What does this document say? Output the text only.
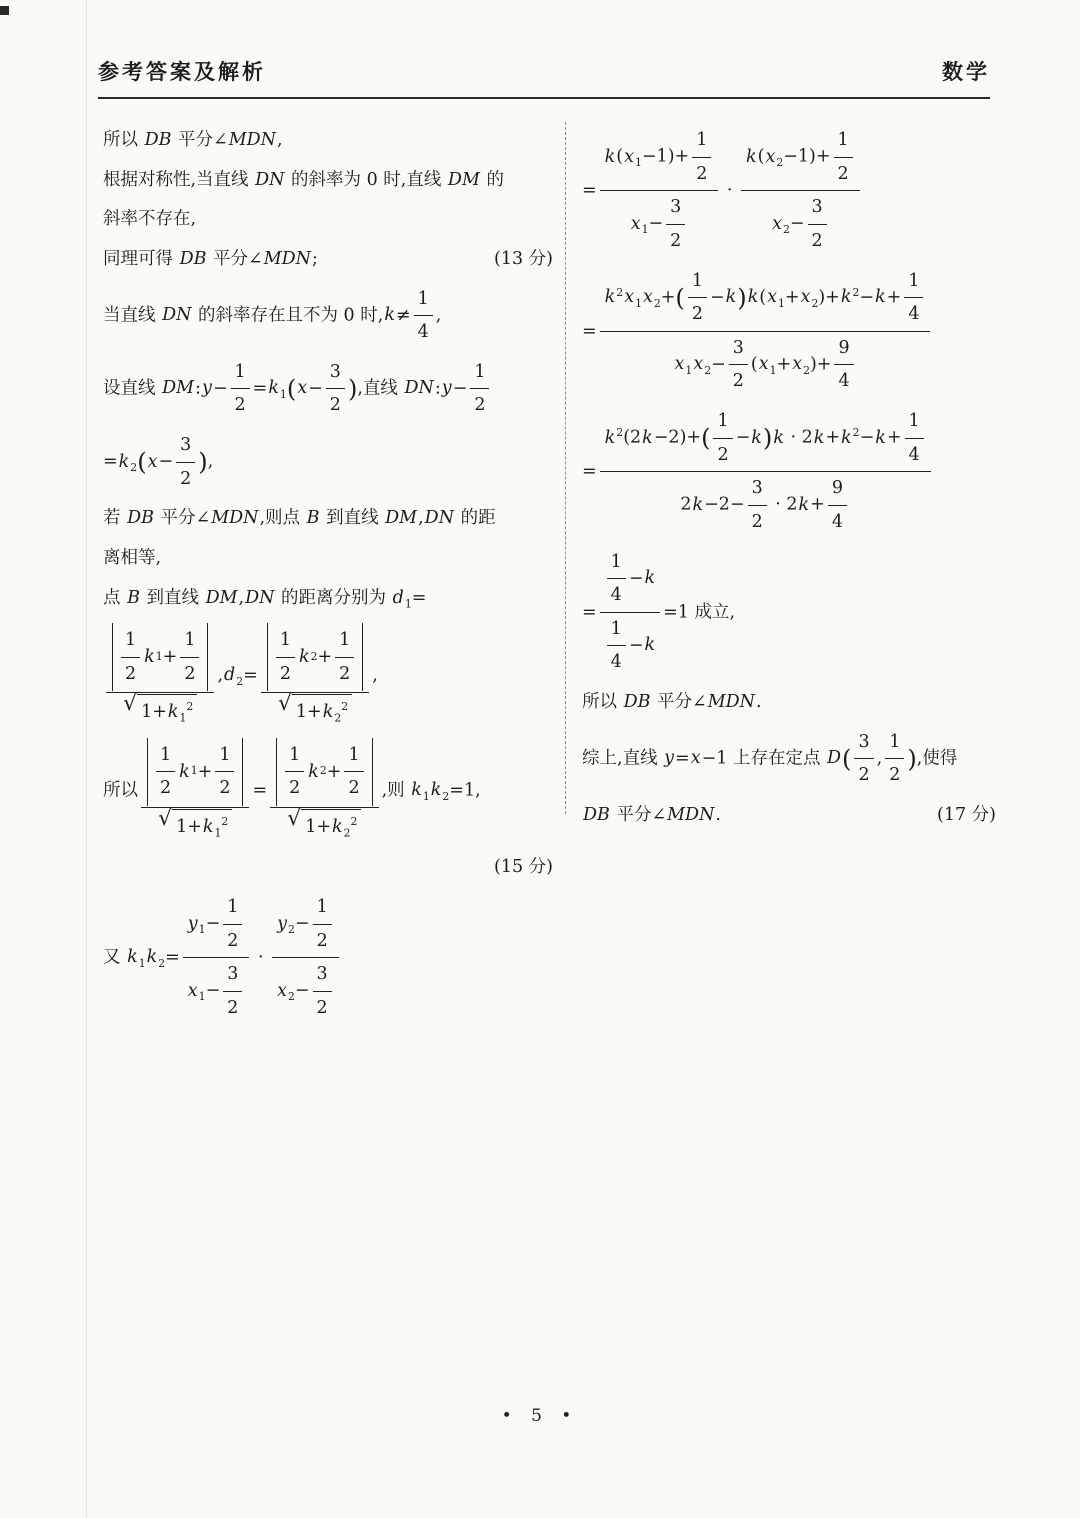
参考答案及解析	数学
所以 DB 平分∠MDN,
根据对称性,当直线 DN 的斜率为 0 时,直线 DM 的
斜率不存在,
同理可得 DB 平分∠MDN;	(13 分)
当直线 DN 的斜率存在且不为 0 时$,k\ne \frac{1}{4}$ ,
设直线 DM:y− $\frac{1}{2} =k_1(x- \frac{3}{2}$ ),直线 DN:y− $\frac{1}{2}$
$=k_2(x- \frac{3}{2}$ ),
若 DB 平分∠MDN,则点 B 到直线 DM,DN 的距
离相等,
点 B 到直线 DM,DN 的距离分别为 $d_1=$
1
2
k 1 +
1
2
√ $1+k_1^2$ $,d_2= 1$
2
k 2 +
1
2
√ $1+k_2^2$ ,
所以 1
2
k 1 +
1
2
√ $1+k_1^2 = 1$
2
k 2 +
1
2
√ $1+k_2^2$ ,则 $k_1k_2=1$,
(15 分)
又 $k_1k_2= \frac{y_1- \frac{1}{2}}{x_1- \frac{3}{2}} \cdot \frac{y_2- \frac{1}{2}}{x_2- \frac{3}{2}}$
= $\frac{k(x_1-1)+ \frac{1}{2}}{x_1- \frac{3}{2}} \cdot \frac{k(x_2-1)+ \frac{1}{2}}{x_2- \frac{3}{2}}$
= $\frac{k^2x_1x_2+( \frac{1}{2} -k)k(x_1+x_2)+k^2-k+ \frac{1}{4}}{x_1x_2- \frac{3}{2} (x_1+x_2)+ \frac{9}{4}}$
= $\frac{k^2(2k-2)+( \frac{1}{2} -k)k \cdot 2k+k^2-k+ \frac{1}{4}}{2k-2- \frac{3}{2} \cdot 2k+ \frac{9}{4}}$
= $\frac{\frac{1}{4} -k}{\frac{1}{4} -k} =1$ 成立,
所以 DB 平分∠MDN.
综上,直线 y=x−1 上存在定点 $D( \frac{3}{2}$ , $\frac{1}{2}$ ),使得
DB 平分∠MDN.	(17 分)
• 5 •
